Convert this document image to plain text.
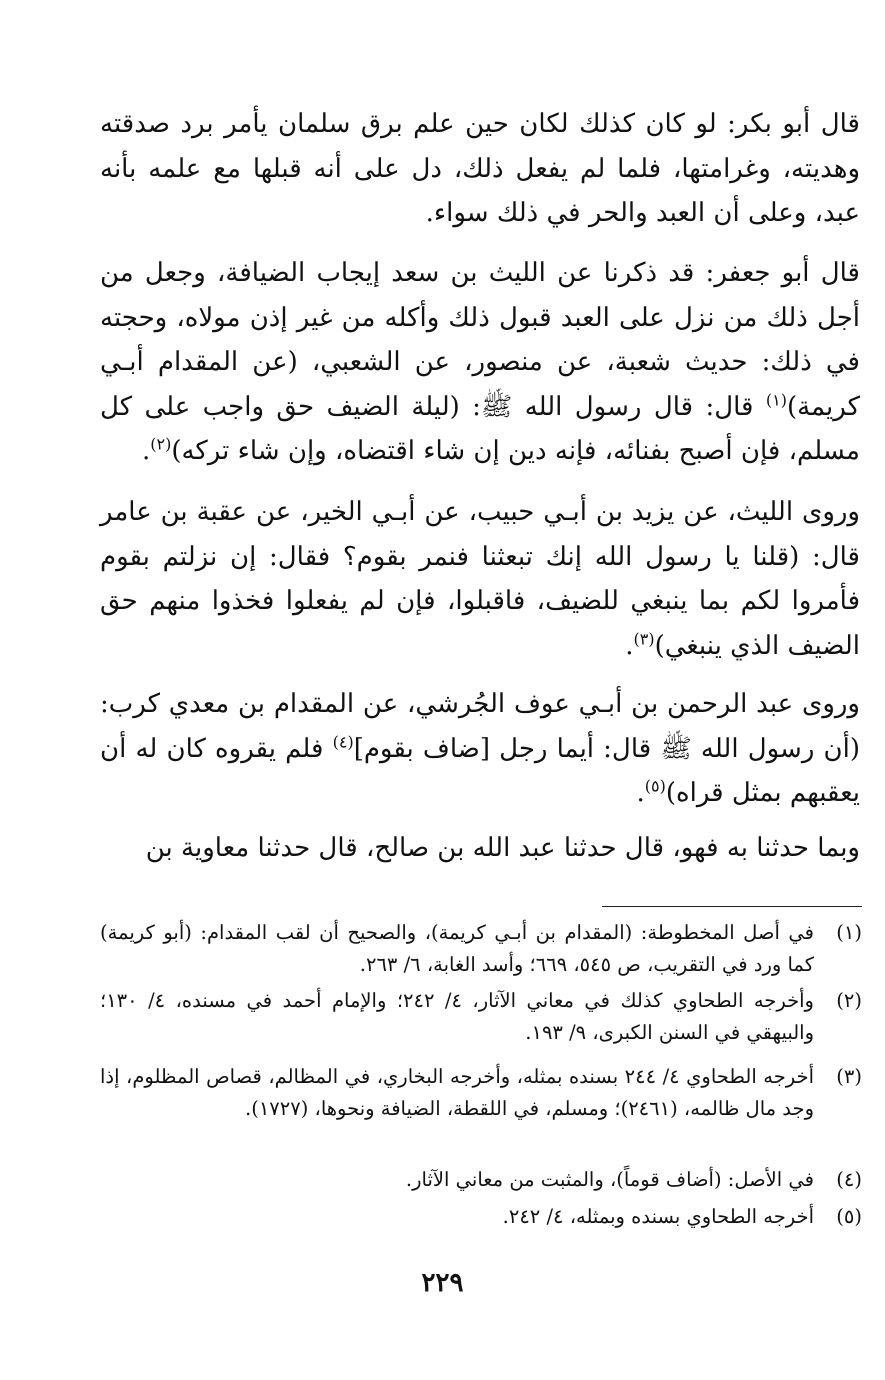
قال أبو بكر: لو كان كذلك لكان حين علم برق سلمان يأمر برد صدقته وهديته، وغرامتها، فلما لم يفعل ذلك، دل على أنه قبلها مع علمه بأنه عبد، وعلى أن العبد والحر في ذلك سواء.

قال أبو جعفر: قد ذكرنا عن الليث بن سعد إيجاب الضيافة، وجعل من أجل ذلك من نزل على العبد قبول ذلك وأكله من غير إذن مولاه، وحجته في ذلك: حديث شعبة، عن منصور، عن الشعبي، (عن المقدام أبـي كريمة)$^{(١)}$ قال: قال رسول الله ﷺ: (ليلة الضيف حق واجب على كل مسلم، فإن أصبح بفنائه، فإنه دين إن شاء اقتضاه، وإن شاء تركه)$^{(٢)}$.

وروى الليث، عن يزيد بن أبـي حبيب، عن أبـي الخير، عن عقبة بن عامر قال: (قلنا يا رسول الله إنك تبعثنا فنمر بقوم؟ فقال: إن نزلتم بقوم فأمروا لكم بما ينبغي للضيف، فاقبلوا، فإن لم يفعلوا فخذوا منهم حق الضيف الذي ينبغي)$^{(٣)}$.

وروى عبد الرحمن بن أبـي عوف الجُرشي، عن المقدام بن معدي كرب: (أن رسول الله ﷺ قال: أيما رجل [ضاف بقوم]$^{(٤)}$ فلم يقروه كان له أن يعقبهم بمثل قراه)$^{(٥)}$.

وبما حدثنا به فهو، قال حدثنا عبد الله بن صالح، قال حدثنا معاوية بن

(١)
في أصل المخطوطة: (المقدام بن أبـي كريمة)، والصحيح أن لقب المقدام: (أبو كريمة) كما ورد في التقريب، ص ٥٤٥، ٦٦٩؛ وأسد الغابة، ٦/ ٢٦٣.
(٢)
وأخرجه الطحاوي كذلك في معاني الآثار، ٤/ ٢٤٢؛ والإمام أحمد في مسنده، ٤/ ١٣٠؛ والبيهقي في السنن الكبرى، ٩/ ١٩٣.
(٣)
أخرجه الطحاوي ٤/ ٢٤٤ بسنده بمثله، وأخرجه البخاري، في المظالم، قصاص المظلوم، إذا وجد مال ظالمه، (٢٤٦١)؛ ومسلم، في اللقطة، الضيافة ونحوها، (١٧٢٧).
(٤)
في الأصل: (أضاف قوماً)، والمثبت من معاني الآثار.
(٥)
أخرجه الطحاوي بسنده وبمثله، ٤/ ٢٤٢.
٢٢٩
